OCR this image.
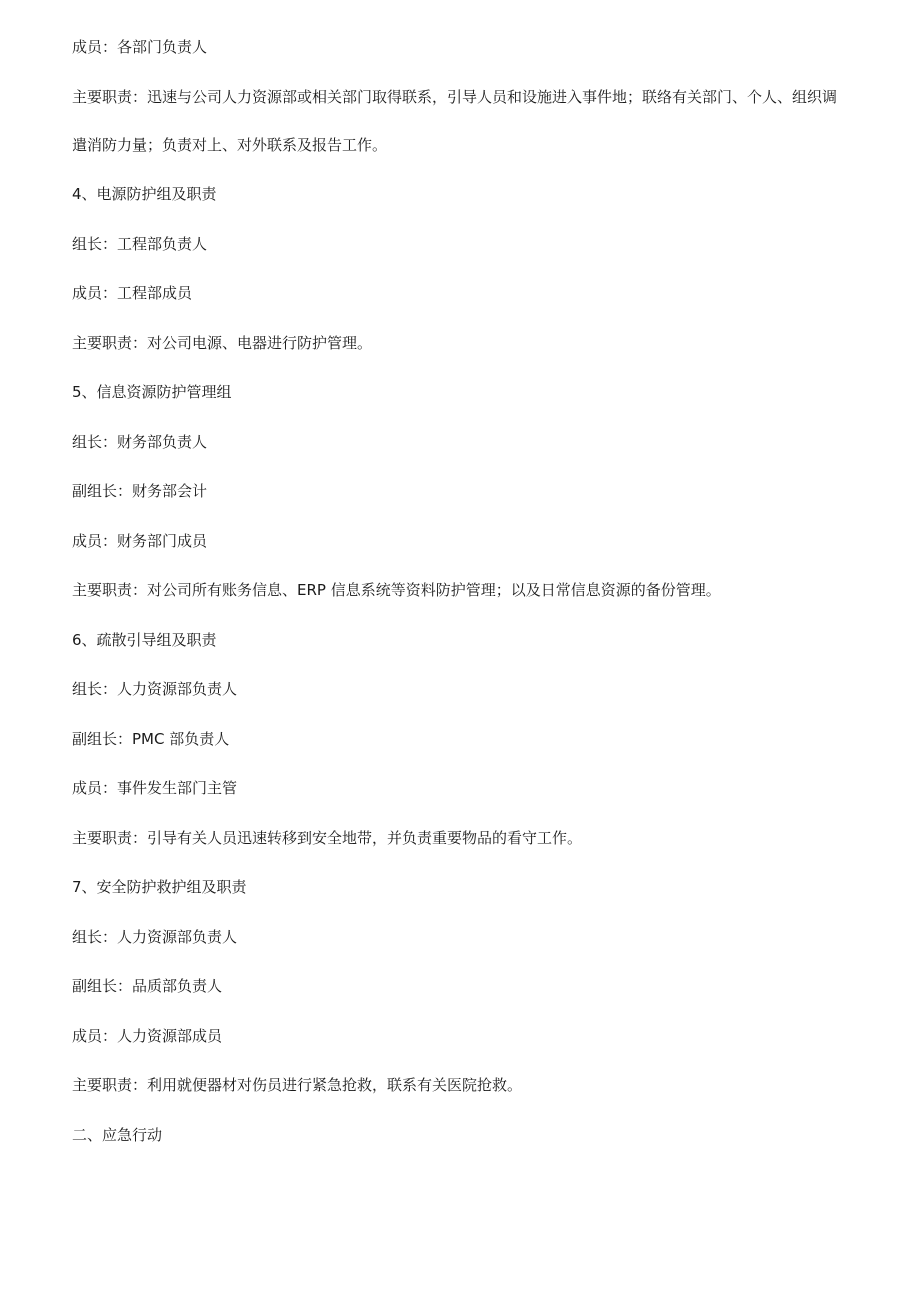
成员：各部门负责人

主要职责：迅速与公司人力资源部或相关部门取得联系，引导人员和设施进入事件地；联络有关部门、个人、组织调
遣消防力量；负责对上、对外联系及报告工作。

4、电源防护组及职责

组长：工程部负责人

成员：工程部成员

主要职责：对公司电源、电器进行防护管理。

5、信息资源防护管理组

组长：财务部负责人

副组长：财务部会计

成员：财务部门成员

主要职责：对公司所有账务信息、ERP 信息系统等资料防护管理；以及日常信息资源的备份管理。

6、疏散引导组及职责

组长：人力资源部负责人

副组长：PMC 部负责人

成员：事件发生部门主管

主要职责：引导有关人员迅速转移到安全地带，并负责重要物品的看守工作。

7、安全防护救护组及职责

组长：人力资源部负责人

副组长：品质部负责人

成员：人力资源部成员

主要职责：利用就便器材对伤员进行紧急抢救，联系有关医院抢救。

二、应急行动
